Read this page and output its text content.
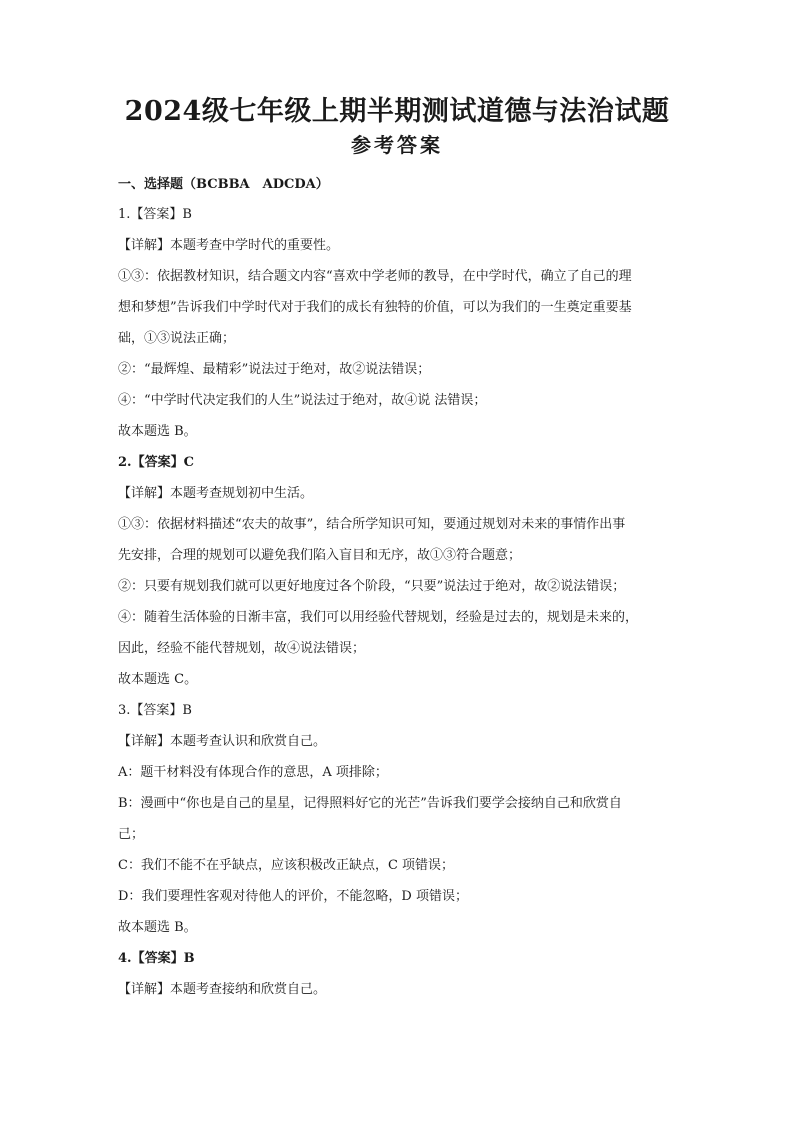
2024级七年级上期半期测试道德与法治试题
参考答案

一、选择题（BCBBA　ADCDA）

1.【答案】B

【详解】本题考查中学时代的重要性。

①③：依据教材知识，结合题文内容“喜欢中学老师的教导，在中学时代，确立了自己的理

想和梦想”告诉我们中学时代对于我们的成长有独特的价值，可以为我们的一生奠定重要基

础，①③说法正确；

②：“最辉煌、最精彩”说法过于绝对，故②说法错误；

④：“中学时代决定我们的人生”说法过于绝对，故④说 法错误；

故本题选 B。

2.【答案】C

【详解】本题考查规划初中生活。

①③：依据材料描述“农夫的故事”，结合所学知识可知，要通过规划对未来的事情作出事

先安排，合理的规划可以避免我们陷入盲目和无序，故①③符合题意；

②：只要有规划我们就可以更好地度过各个阶段，“只要”说法过于绝对，故②说法错误；

④：随着生活体验的日渐丰富，我们可以用经验代替规划，经验是过去的，规划是未来的，

因此，经验不能代替规划，故④说法错误；

故本题选 C。

3.【答案】B

【详解】本题考查认识和欣赏自己。

A：题干材料没有体现合作的意思，A 项排除；

B：漫画中“你也是自己的星星，记得照料好它的光芒”告诉我们要学会接纳自己和欣赏自

己；

C：我们不能不在乎缺点，应该积极改正缺点，C 项错误；

D：我们要理性客观对待他人的评价，不能忽略，D 项错误；

故本题选 B。

4.【答案】B

【详解】本题考查接纳和欣赏自己。
